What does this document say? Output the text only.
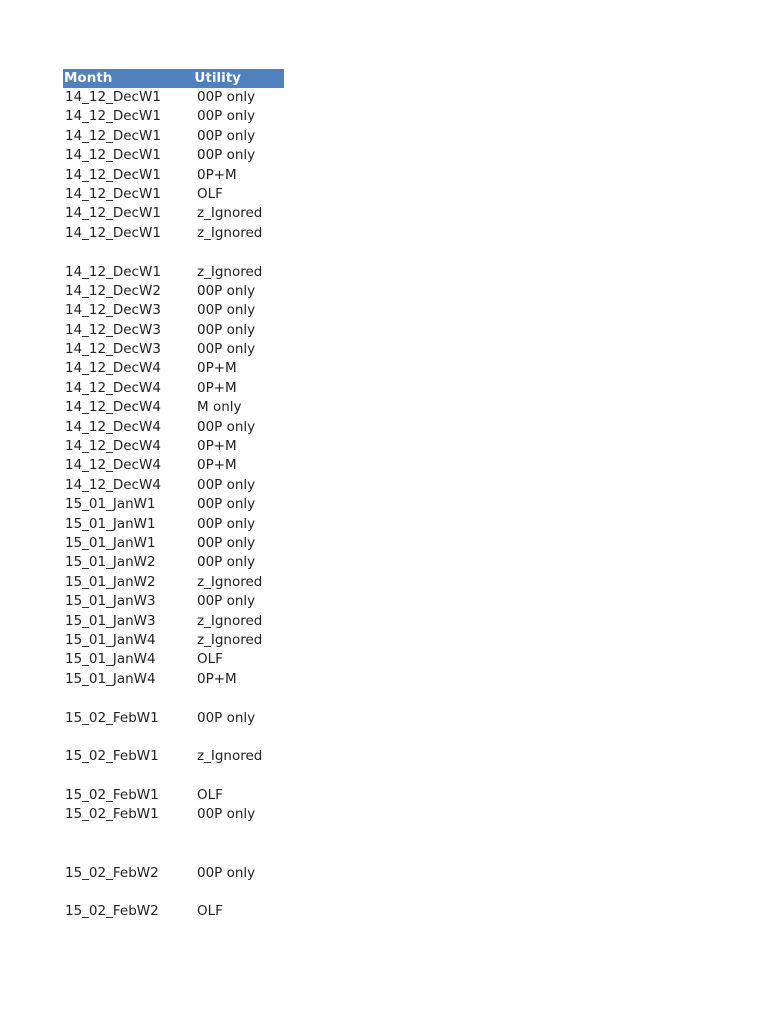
Month	Utility
14_12_DecW1	00P only
14_12_DecW1	00P only
14_12_DecW1	00P only
14_12_DecW1	00P only
14_12_DecW1	0P+M
14_12_DecW1	OLF
14_12_DecW1	z_Ignored
14_12_DecW1	z_Ignored
14_12_DecW1	z_Ignored
14_12_DecW2	00P only
14_12_DecW3	00P only
14_12_DecW3	00P only
14_12_DecW3	00P only
14_12_DecW4	0P+M
14_12_DecW4	0P+M
14_12_DecW4	M only
14_12_DecW4	00P only
14_12_DecW4	0P+M
14_12_DecW4	0P+M
14_12_DecW4	00P only
15_01_JanW1	00P only
15_01_JanW1	00P only
15_01_JanW1	00P only
15_01_JanW2	00P only
15_01_JanW2	z_Ignored
15_01_JanW3	00P only
15_01_JanW3	z_Ignored
15_01_JanW4	z_Ignored
15_01_JanW4	OLF
15_01_JanW4	0P+M
15_02_FebW1	00P only
15_02_FebW1	z_Ignored
15_02_FebW1	OLF
15_02_FebW1	00P only
15_02_FebW2	00P only
15_02_FebW2	OLF
